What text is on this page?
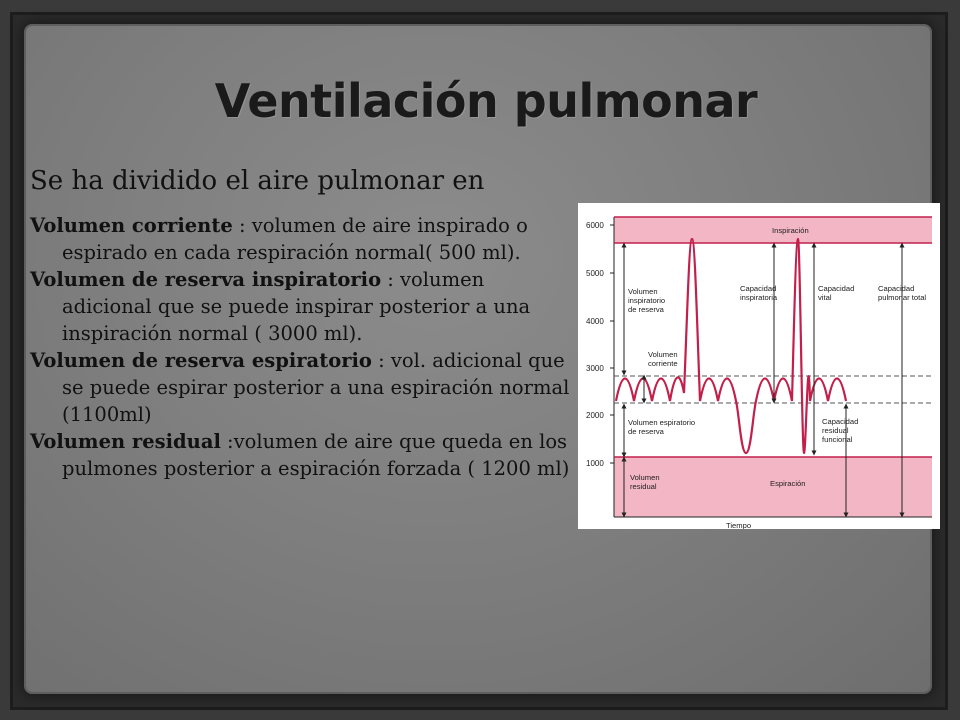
Ventilación pulmonar
Se ha dividido el aire pulmonar en

Volumen corriente : volumen de aire inspirado o espirado en cada respiración normal( 500 ml).

Volumen de reserva inspiratorio : volumen adicional que se puede inspirar posterior a una inspiración normal ( 3000 ml).

Volumen de reserva espiratorio : vol. adicional que se puede espirar posterior a una espiración normal (1100ml)

Volumen residual :volumen de aire que queda en los pulmones posterior a espiración forzada ( 1200 ml)

6000
5000
4000
3000
2000
1000
Inspiración
Espiración
Tiempo
Volumen
inspiratorio
de reserva
Volumen
corriente
Capacidad
inspiratoria
Capacidad
vital
Capacidad
pulmonar total
Volumen espiratorio
de reserva
Capacidad
residual
funcional
Volumen
residual
